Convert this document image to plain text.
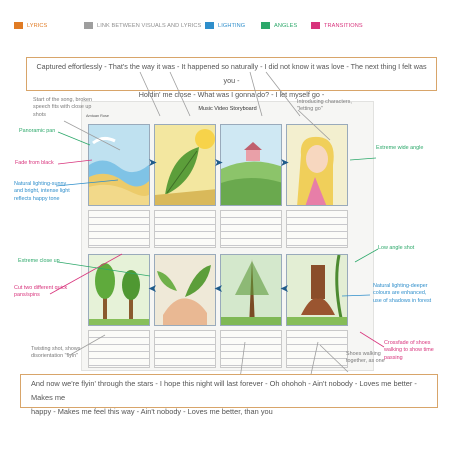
LYRICS	LINK BETWEEN VISUALS AND LYRICS	LIGHTING	ANGLES	TRANSITIONS
Captured effortlessly - That's the way it was - It happened so naturally - I did not know it was love - The next thing I felt was you -
Holdin' me close - What was I gonna do? - I let myself go -
Music Video Storyboard
Amtuan Rose
➤	➤	➤
➤	➤	➤
Start of the song, broken speech fits with close up shots
Panoramic pan
Fade from black
Natural lighting-sunny and bright, intense light reflects happy tone
Extreme close up
Cut two different quick pans/spins
Twisting shot, shows disorientation "flyin"
Introducing characters, "letting go"
Extreme wide angle
Low angle shot
Natural lighting-deeper colours are enhanced, use of shadows in forest
Crossfade of shoes walking to show time passing
Shoes walking together, as one
And now we're flyin' through the stars - I hope this night will last forever - Oh ohohoh - Ain't nobody - Loves me better - Makes me
happy - Makes me feel this way - Ain't nobody - Loves me better, than you
